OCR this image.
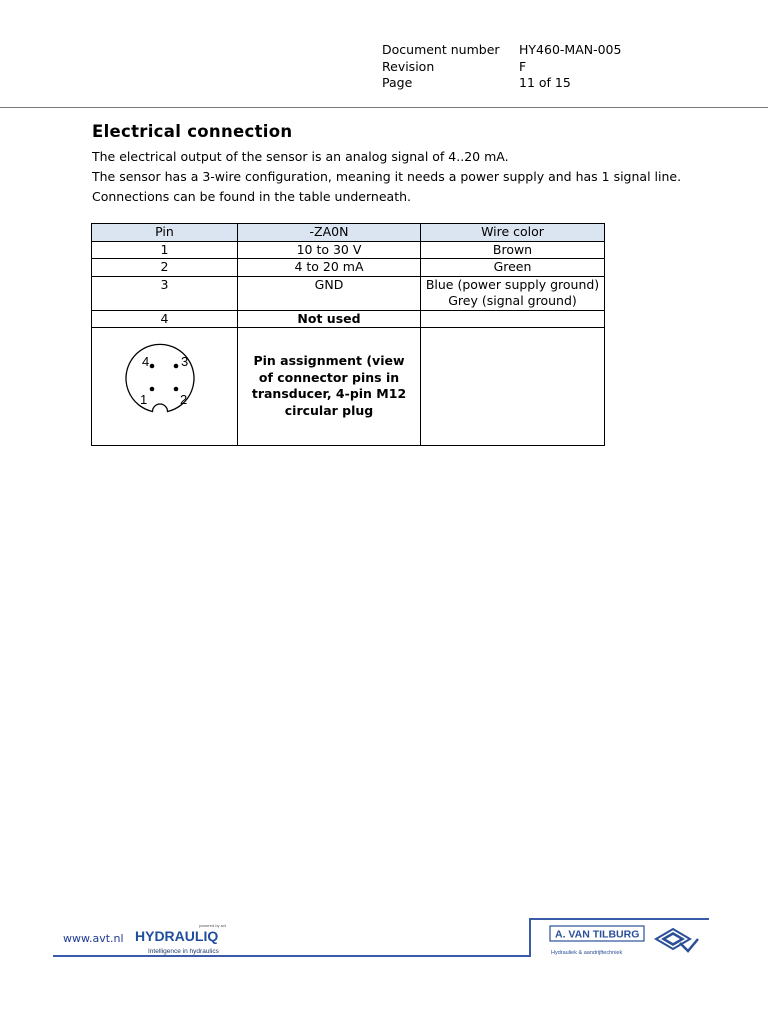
Document number	HY460-MAN-005
Revision	F
Page	11 of 15
Electrical connection
The electrical output of the sensor is an analog signal of 4..20 mA.
The sensor has a 3-wire configuration, meaning it needs a power supply and has 1 signal line.
Connections can be found in the table underneath.
Pin	-ZA0N	Wire color
1	10 to 30 V	Brown
2	4 to 20 mA	Green
3	GND	Blue (power supply ground)
Grey (signal ground)

4	Not used	

4 3
1 2	Pin assignment (view of connector pins in transducer, 4-pin M12 circular plug	

www.avt.nl
powered by avt
HYDRAULIQ
Intelligence in hydraulics
A. VAN TILBURG
Hydrauliek & aandrijftechniek
